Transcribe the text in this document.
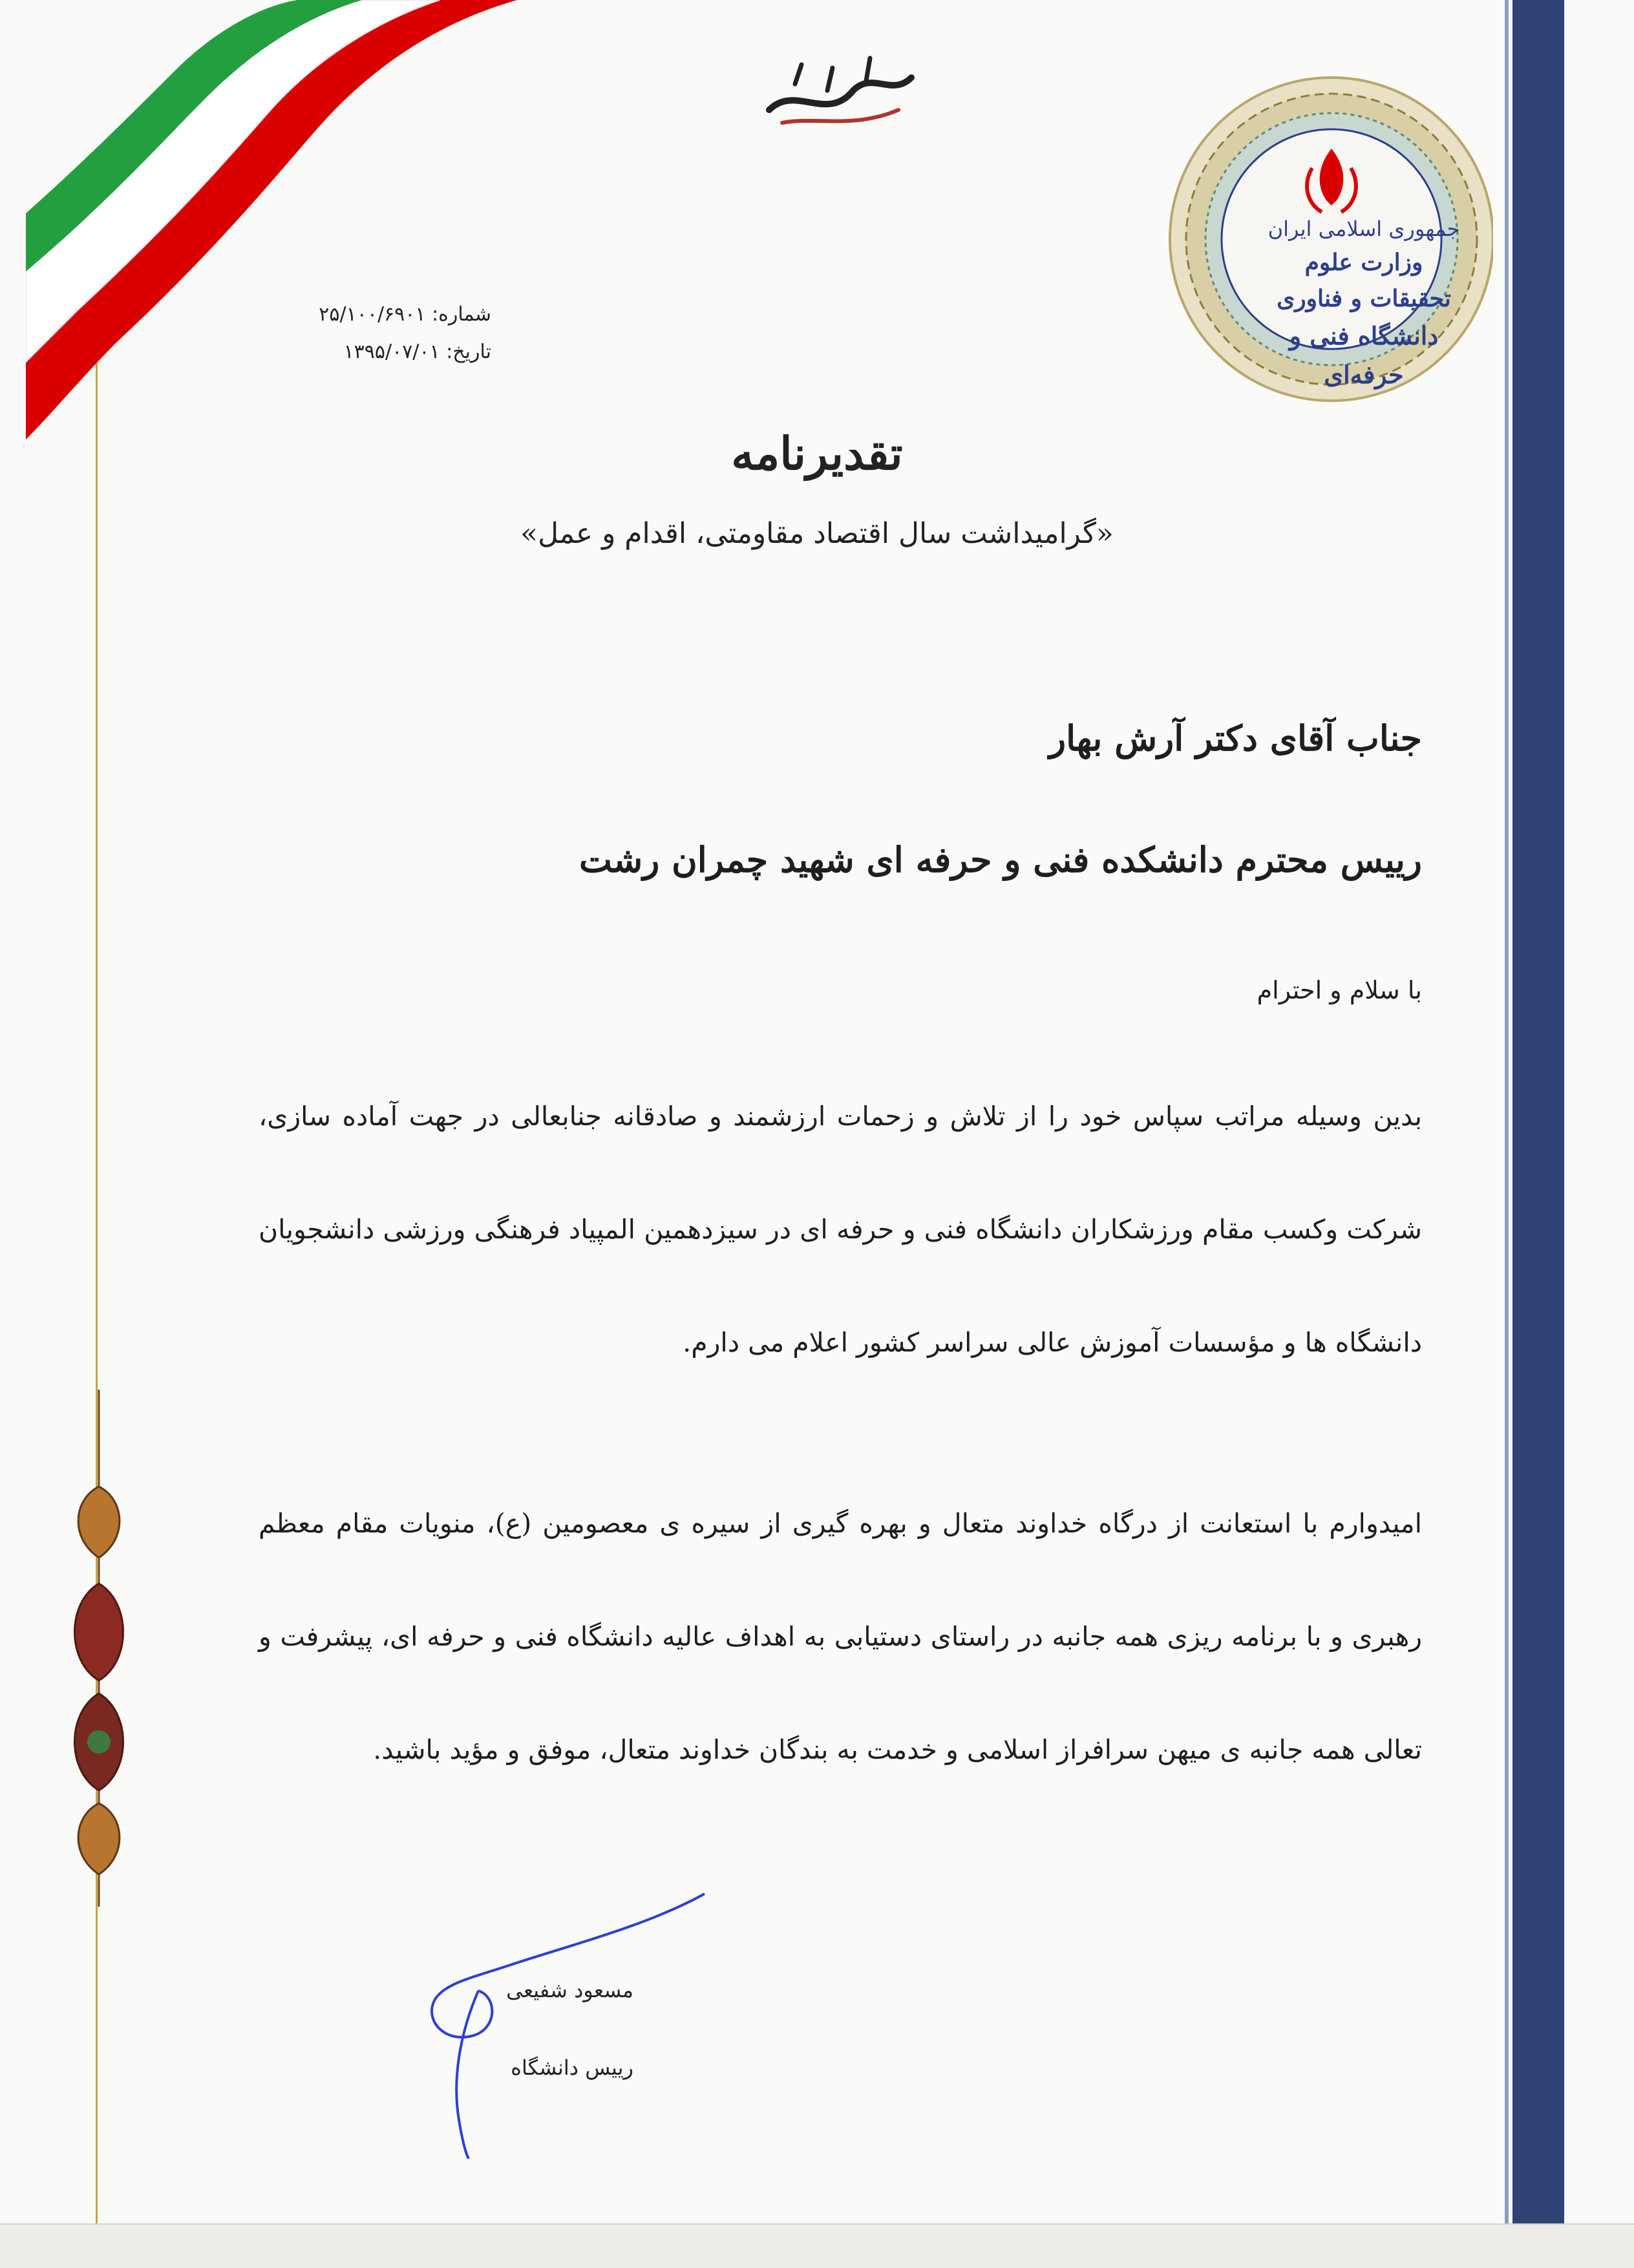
جمهوری اسلامی ایران
وزارت علوم تحقیقات و فناوری
دانشگاه فنی و حرفه‌ای
شماره: ۲۵/۱۰۰/۶۹۰۱
تاریخ: ۱۳۹۵/۰۷/۰۱
تقدیرنامه
«گرامیداشت سال اقتصاد مقاومتی، اقدام و عمل»
جناب آقای دکتر آرش بهار
رییس محترم دانشکده فنی و حرفه ای شهید چمران رشت
با سلام و احترام
بدین وسیله مراتب سپاس خود را از تلاش و زحمات ارزشمند و صادقانه جنابعالی در جهت آماده سازی، شرکت وکسب مقام ورزشکاران دانشگاه فنی و حرفه ای در سیزدهمین المپیاد فرهنگی ورزشی دانشجویان دانشگاه ها و مؤسسات آموزش عالی سراسر کشور اعلام می دارم.
امیدوارم با استعانت از درگاه خداوند متعال و بهره گیری از سیره ی معصومین (ع)، منویات مقام معظم رهبری و با برنامه ریزی همه جانبه در راستای دستیابی به اهداف عالیه دانشگاه فنی و حرفه ای، پیشرفت و تعالی همه جانبه ی میهن سرافراز اسلامی و خدمت به بندگان خداوند متعال، موفق و مؤید باشید.
مسعود شفیعی
رییس دانشگاه
